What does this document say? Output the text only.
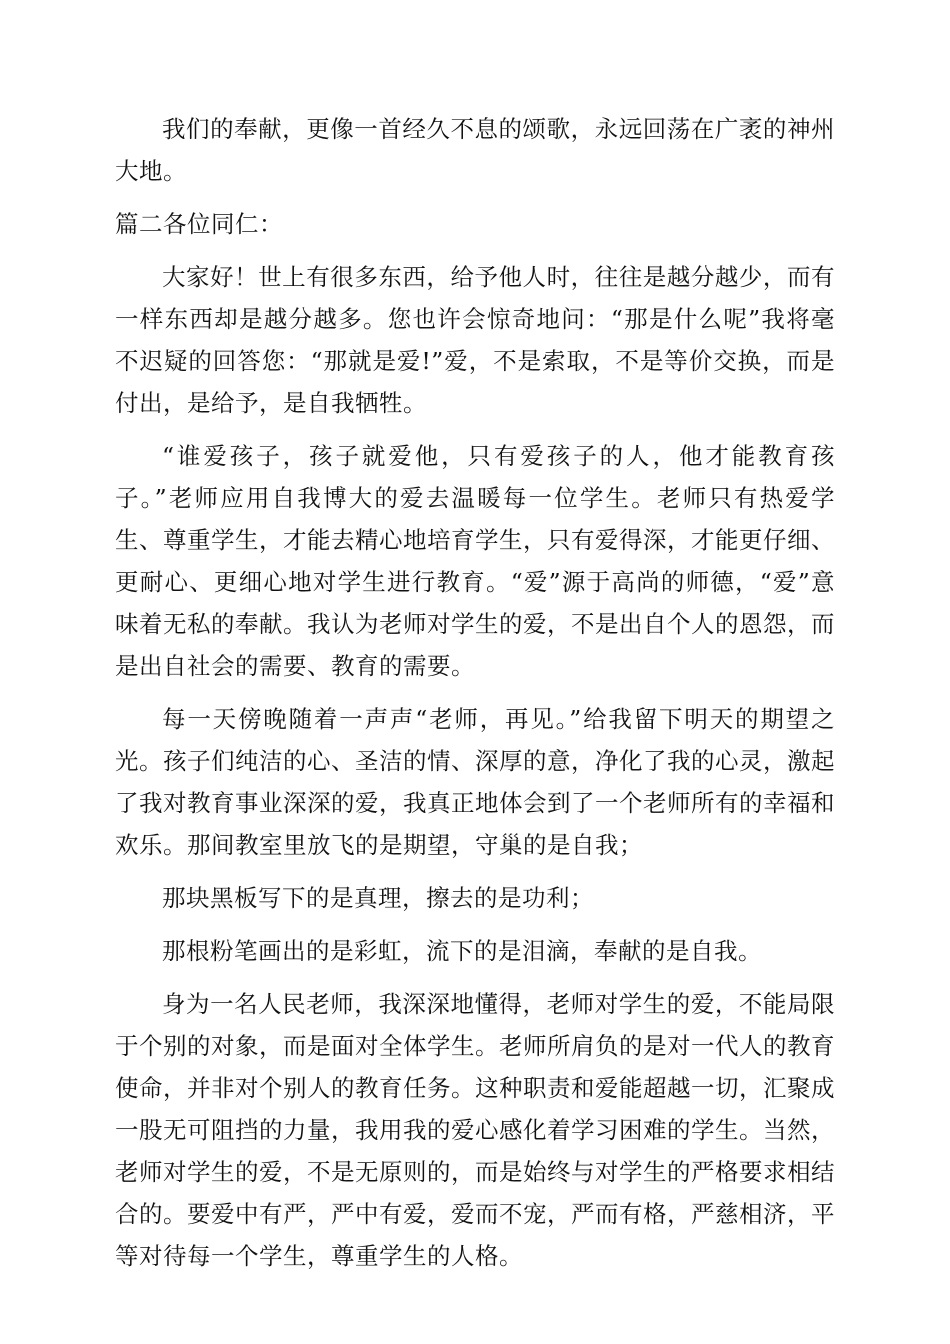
我们的奉献，更像一首经久不息的颂歌，永远回荡在广袤的神州大地。

篇二各位同仁：

大家好！世上有很多东西，给予他人时，往往是越分越少，而有一样东西却是越分越多。您也许会惊奇地问：“那是什么呢”我将毫不迟疑的回答您：“那就是爱!”爱，不是索取，不是等价交换，而是付出，是给予，是自我牺牲。

“谁爱孩子，孩子就爱他，只有爱孩子的人，他才能教育孩子。”老师应用自我博大的爱去温暖每一位学生。老师只有热爱学生、尊重学生，才能去精心地培育学生，只有爱得深，才能更仔细、更耐心、更细心地对学生进行教育。“爱”源于高尚的师德，“爱”意味着无私的奉献。我认为老师对学生的爱，不是出自个人的恩怨，而是出自社会的需要、教育的需要。

每一天傍晚随着一声声“老师，再见。”给我留下明天的期望之光。孩子们纯洁的心、圣洁的情、深厚的意，净化了我的心灵，激起了我对教育事业深深的爱，我真正地体会到了一个老师所有的幸福和欢乐。那间教室里放飞的是期望，守巢的是自我；

那块黑板写下的是真理，擦去的是功利；

那根粉笔画出的是彩虹，流下的是泪滴，奉献的是自我。

身为一名人民老师，我深深地懂得，老师对学生的爱，不能局限于个别的对象，而是面对全体学生。老师所肩负的是对一代人的教育使命，并非对个别人的教育任务。这种职责和爱能超越一切，汇聚成一股无可阻挡的力量，我用我的爱心感化着学习困难的学生。当然，老师对学生的爱，不是无原则的，而是始终与对学生的严格要求相结合的。要爱中有严，严中有爱，爱而不宠，严而有格，严慈相济，平等对待每一个学生，尊重学生的人格。
